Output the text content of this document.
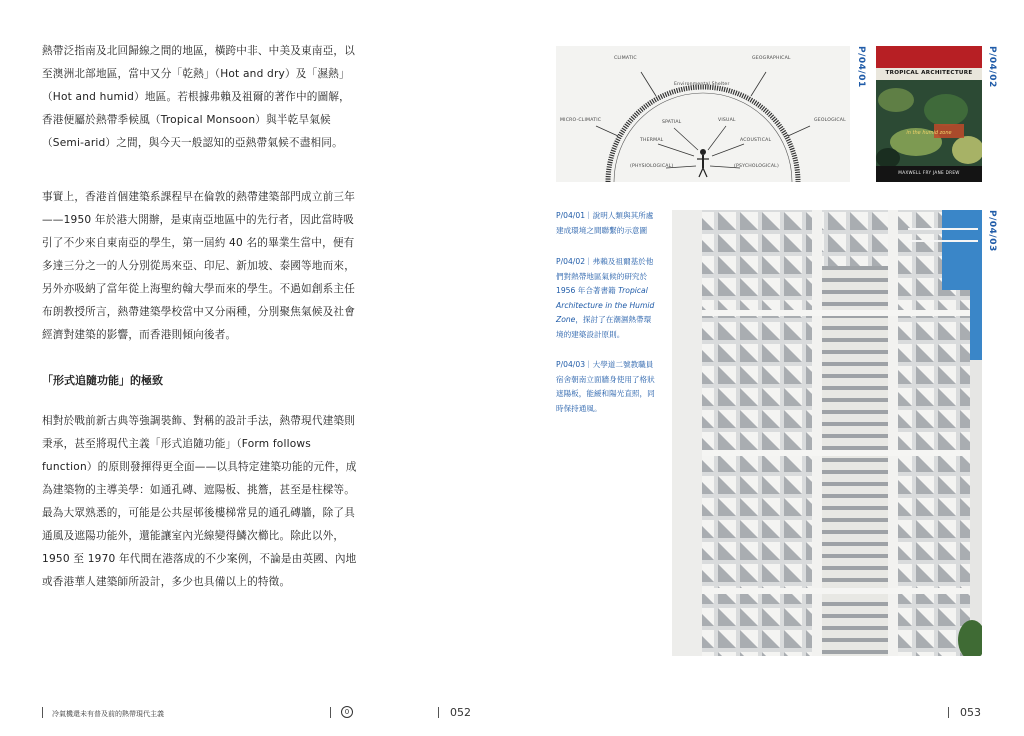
熱帶泛指南及北回歸線之間的地區，橫跨中非、中美及東南亞，以至澳洲北部地區，當中又分「乾熱」（Hot and dry）及「濕熱」（Hot and humid）地區。若根據弗賴及祖爾的著作中的圖解，香港便屬於熱帶季候風（Tropical Monsoon）與半乾旱氣候（Semi-arid）之間，與今天一般認知的亞熱帶氣候不盡相同。

事實上，香港首個建築系課程早在倫敦的熱帶建築部門成立前三年——1950 年於港大開辦，是東南亞地區中的先行者，因此當時吸引了不少來自東南亞的學生，第一屆約 40 名的畢業生當中，便有多達三分之一的人分別從馬來亞、印尼、新加坡、泰國等地而來，另外亦吸納了當年從上海聖約翰大學而來的學生。不過如創系主任布朗教授所言，熱帶建築學校當中又分兩種，分別聚焦氣候及社會經濟對建築的影響，而香港則傾向後者。

「形式追隨功能」的極致

相對於戰前新古典等強調裝飾、對稱的設計手法，熱帶現代建築則秉承，甚至將現代主義「形式追隨功能」（Form follows function）的原則發揮得更全面——以具特定建築功能的元件，成為建築物的主導美學：如通孔磚、遮陽板、挑簷，甚至是柱樑等。最為大眾熟悉的，可能是公共屋邨後樓梯常見的通孔磚牆，除了具通風及遮陽功能外，還能讓室內光線變得鱗次櫛比。除此以外，1950 至 1970 年代間在港落成的不少案例，不論是由英國、內地或香港華人建築師所設計，多少也具備以上的特徵。

CLIMATIC	GEOGRAPHICAL
Environmental Shelter
MICRO-CLIMATIC	GEOLOGICAL
SPATIAL	VISUAL
THERMAL	ACOUSTICAL
(PHYSIOLOGICAL)	(PSYCHOLOGICAL)
P/04/01	TROPICAL ARCHITECTURE
in the humid zone
MAXWELL FRY JANE DREW
P/04/02
P/04/03
P/04/01｜說明人類與其所處建成環境之間聯繫的示意圖
P/04/02｜弗賴及祖爾基於他們對熱帶地區氣候的研究於 1956 年合著書籍 Tropical Architecture in the Humid Zone，探討了在潮濕熱帶環境的建築設計原則。
P/04/03｜大學道二號教職員宿舍朝南立面牆身使用了格狀遮陽板，能緩和陽光直照，同時保持通風。
冷氣機還未有普及前的熱帶現代主義	0	052	053
